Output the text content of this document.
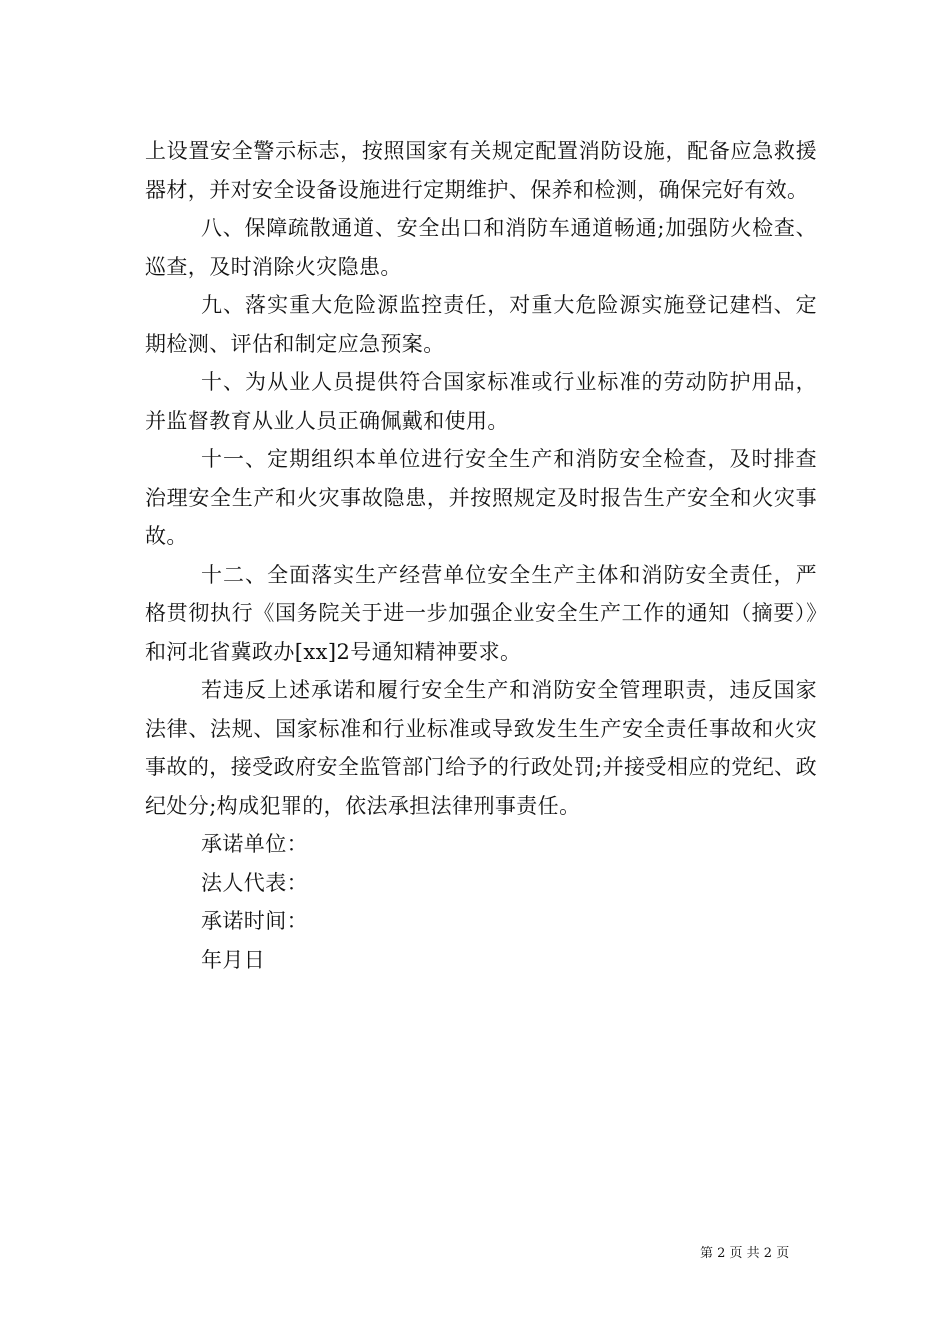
上设置安全警示标志，按照国家有关规定配置消防设施，配备应急救援器材，并对安全设备设施进行定期维护、保养和检测，确保完好有效。

八、保障疏散通道、安全出口和消防车通道畅通;加强防火检查、巡查，及时消除火灾隐患。

九、落实重大危险源监控责任，对重大危险源实施登记建档、定期检测、评估和制定应急预案。

十、为从业人员提供符合国家标准或行业标准的劳动防护用品，并监督教育从业人员正确佩戴和使用。

十一、定期组织本单位进行安全生产和消防安全检查，及时排查治理安全生产和火灾事故隐患，并按照规定及时报告生产安全和火灾事故。

十二、全面落实生产经营单位安全生产主体和消防安全责任，严格贯彻执行《国务院关于进一步加强企业安全生产工作的通知（摘要）》和河北省冀政办[xx]2号通知精神要求。

若违反上述承诺和履行安全生产和消防安全管理职责，违反国家法律、法规、国家标准和行业标准或导致发生生产安全责任事故和火灾事故的，接受政府安全监管部门给予的行政处罚;并接受相应的党纪、政纪处分;构成犯罪的，依法承担法律刑事责任。

承诺单位：

法人代表：

承诺时间：

年月日

第 2 页 共 2 页
